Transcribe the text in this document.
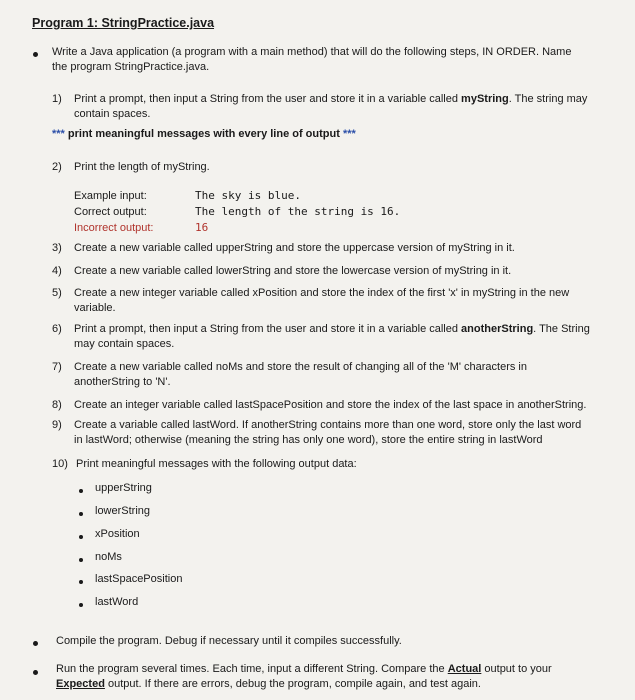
Program 1: StringPractice.java
Write a Java application (a program with a main method) that will do the following steps, IN ORDER. Name
the program StringPractice.java.
1)	Print a prompt, then input a String from the user and store it in a variable called myString. The string may
contain spaces.
*** print meaningful messages with every line of output ***
2)	Print the length of myString.
Example input:	The sky is blue.
Correct output:	The length of the string is 16.
Incorrect output:	16
3)	Create a new variable called upperString and store the uppercase version of myString in it.
4)	Create a new variable called lowerString and store the lowercase version of myString in it.
5)	Create a new integer variable called xPosition and store the index of the first 'x' in myString in the new
variable.
6)	Print a prompt, then input a String from the user and store it in a variable called anotherString. The String
may contain spaces.
7)	Create a new variable called noMs and store the result of changing all of the 'M' characters in
anotherString to 'N'.
8)	Create an integer variable called lastSpacePosition and store the index of the last space in anotherString.
9)	Create a variable called lastWord. If anotherString contains more than one word, store only the last word
in lastWord; otherwise (meaning the string has only one word), store the entire string in lastWord
10) Print meaningful messages with the following output data:
upperString
lowerString
xPosition
noMs
lastSpacePosition
lastWord
Compile the program. Debug if necessary until it compiles successfully.
Run the program several times. Each time, input a different String. Compare the Actual output to your
Expected output. If there are errors, debug the program, compile again, and test again.
